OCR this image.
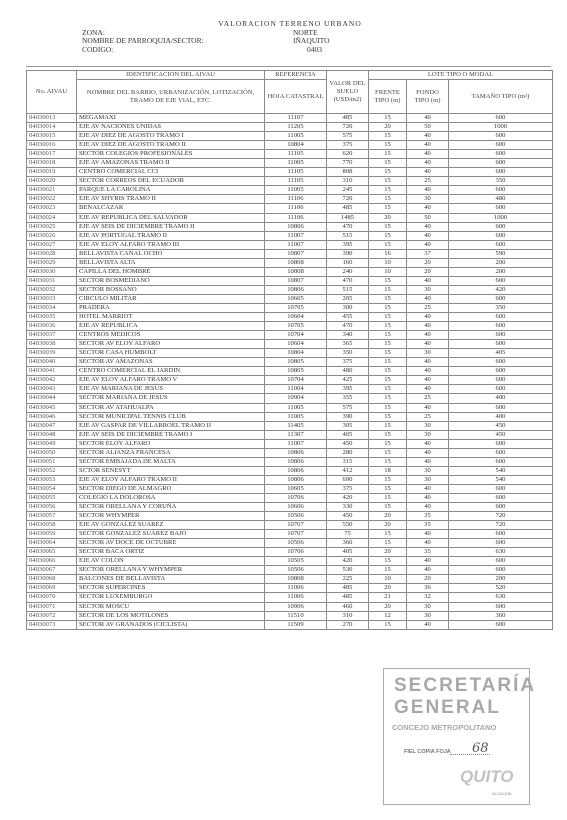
VALORACION TERRENO URBANO
ZONA:	NORTE
NOMBRE DE PARROQUIA/SECTOR:	IÑAQUITO
CODIGO:	0403
No. AIVAU	IDENTIFICACION DEL AIVAU	REFERENCIA	VALOR DEL SUELO (USD/m2)	LOTE TIPO O MODAL		
	NOMBRE DEL BARRIO, URBANIZACIÓN, LOTIZACIÓN, TRAMO DE EJE VIAL, ETC.	HOJA CATASTRAL		FRENTE TIPO (m)	FONDO TIPO (m)	TAMAÑO TIPO (m²)
04030013	MEGAMAXI	11107	485	15	40	600
04030014	EJE AV NACIONES UNIDAS	11205	720	20	50	1000
04030015	EJE AV DIEZ DE AGOSTO TRAMO I	11005	575	15	40	600
04030016	EJE AV DIEZ DE AGOSTO TRAMO II	10804	375	15	40	600
04030017	SECTOR COLEGIOS PROFESIONALES	11105	620	15	40	600
04030018	EJE AV AMAZONAS TRAMO II	11005	770	15	40	600
04030019	CENTRO COMERCIAL CCI	11105	808	15	40	600
04030020	SECTOR CORREOS DEL ECUADOR	11105	310	15	25	350
04030021	PARQUE LA CAROLINA	11005	245	15	40	600
04030022	EJE AV SHYRIS TRAMO II	11106	720	15	30	480
04030023	BENALCAZAR	11106	485	15	40	600
04030024	EJE AV REPUBLICA DEL SALVADOR	11106	1485	20	50	1000
04030025	EJE AV SEIS DE DICIEMBRE TRAMO II	10806	470	15	40	600
04030026	EJE AV PORTUGAL TRAMO II	11007	515	15	40	600
04030027	EJE AV ELOY ALFARO TRAMO III	11007	395	15	40	600
04030028	BELLAVISTA CANAL OCHO	10807	390	16	37	590
04030029	BELLAVISTA ALTA	10808	160	10	20	200
04030030	CAPILLA DEL HOMBRE	10808	240	10	20	200
04030031	SECTOR BOSMEDIANO	10807	470	15	40	600
04030032	SECTOR BOSSANO	10806	515	15	30	420
04030033	CIRCULO MILITAR	10605	205	15	40	600
04030034	PRADERA	10705	300	15	25	350
04030035	HOTEL MARRIOT	10604	455	15	40	600
04030036	EJE AV REPUBLICA	10705	470	15	40	600
04030037	CENTROS MEDICOS	10704	340	15	40	600
04030038	SECTOR AV ELOY ALFARO	10604	365	15	40	600
04030039	SECTOR CASA HUMBOLT	10804	350	15	30	405
04030040	SECTOR AV AMAZONAS	10805	375	15	40	600
04030041	CENTRO COMERCIAL EL JARDIN	10805	480	15	40	600
04030042	EJE AV ELOY ALFARO TRAMO V	10704	425	15	40	600
04030043	EJE AV MARIANA DE JESUS	11004	395	15	40	600
04030044	SECTOR MARIANA DE JESUS	10904	355	15	25	400
04030045	SECTOR AV ATAHUALPA	11005	575	15	40	600
04030046	SECTOR MUNICIPAL TENNIS CLUB	11005	390	15	25	400
04030047	EJE AV GASPAR DE VILLARROEL TRAMO II	11405	305	15	30	450
04030048	EJE AV SEIS DE DICIEMBRE TRAMO I	11307	405	15	30	450
04030049	SECTOR ELOY ALFARO	11007	450	15	40	600
04030050	SECTOR ALIANZA FRANCESA	10806	280	15	40	600
04030051	SECTOR EMBAJADA DE MALTA	10806	315	15	40	600
04030052	SCTOR SENESYT	10806	412	18	30	540
04030053	EJE AV ELOY ALFARO TRAMO II	10806	690	15	30	540
04030054	SECTOR DIEGO DE ALMAGRO	10605	375	15	40	600
04030055	COLEGIO LA DOLOROSA	10706	420	15	40	600
04030056	SECTOR ORELLANA Y CORUÑA	10606	330	15	40	600
04030057	SECTOR WHYMPER	10506	450	20	35	720
04030058	EJE AV GONZALEZ SUAREZ	10707	550	20	35	720
04030059	SECTOR GONZALEZ SUAREZ BAJO	10707	75	15	40	600
04030064	SECTOR AV DOCE DE OCTUBRE	10506	360	15	40	600
04030065	SECTOR BACA ORTIZ	10706	405	20	35	630
04030066	EJE AV COLON	10505	420	15	40	600
04030067	SECTOR ORELLANA Y WHYMPER	10506	530	15	40	600
04030068	BALCONES DE BELLAVISTA	10808	225	10	20	200
04030069	SECTOR SUPERCINES	11006	485	20	36	520
04030070	SECTOR LUXEMBURGO	11006	485	21	32	630
04030071	SECTOR MOSCU	10906	460	20	30	600
04030072	SECTOR DE LOS MOTILONES	11510	310	12	30	360
04030073	SECTOR AV GRANADOS (CICLISTA)	11509	270	15	40	600
SECRETARÍA
GENERAL
CONCEJO METROPOLITANO
FIEL COPIA FOJA 68
QUITO
ALCALDÍA
